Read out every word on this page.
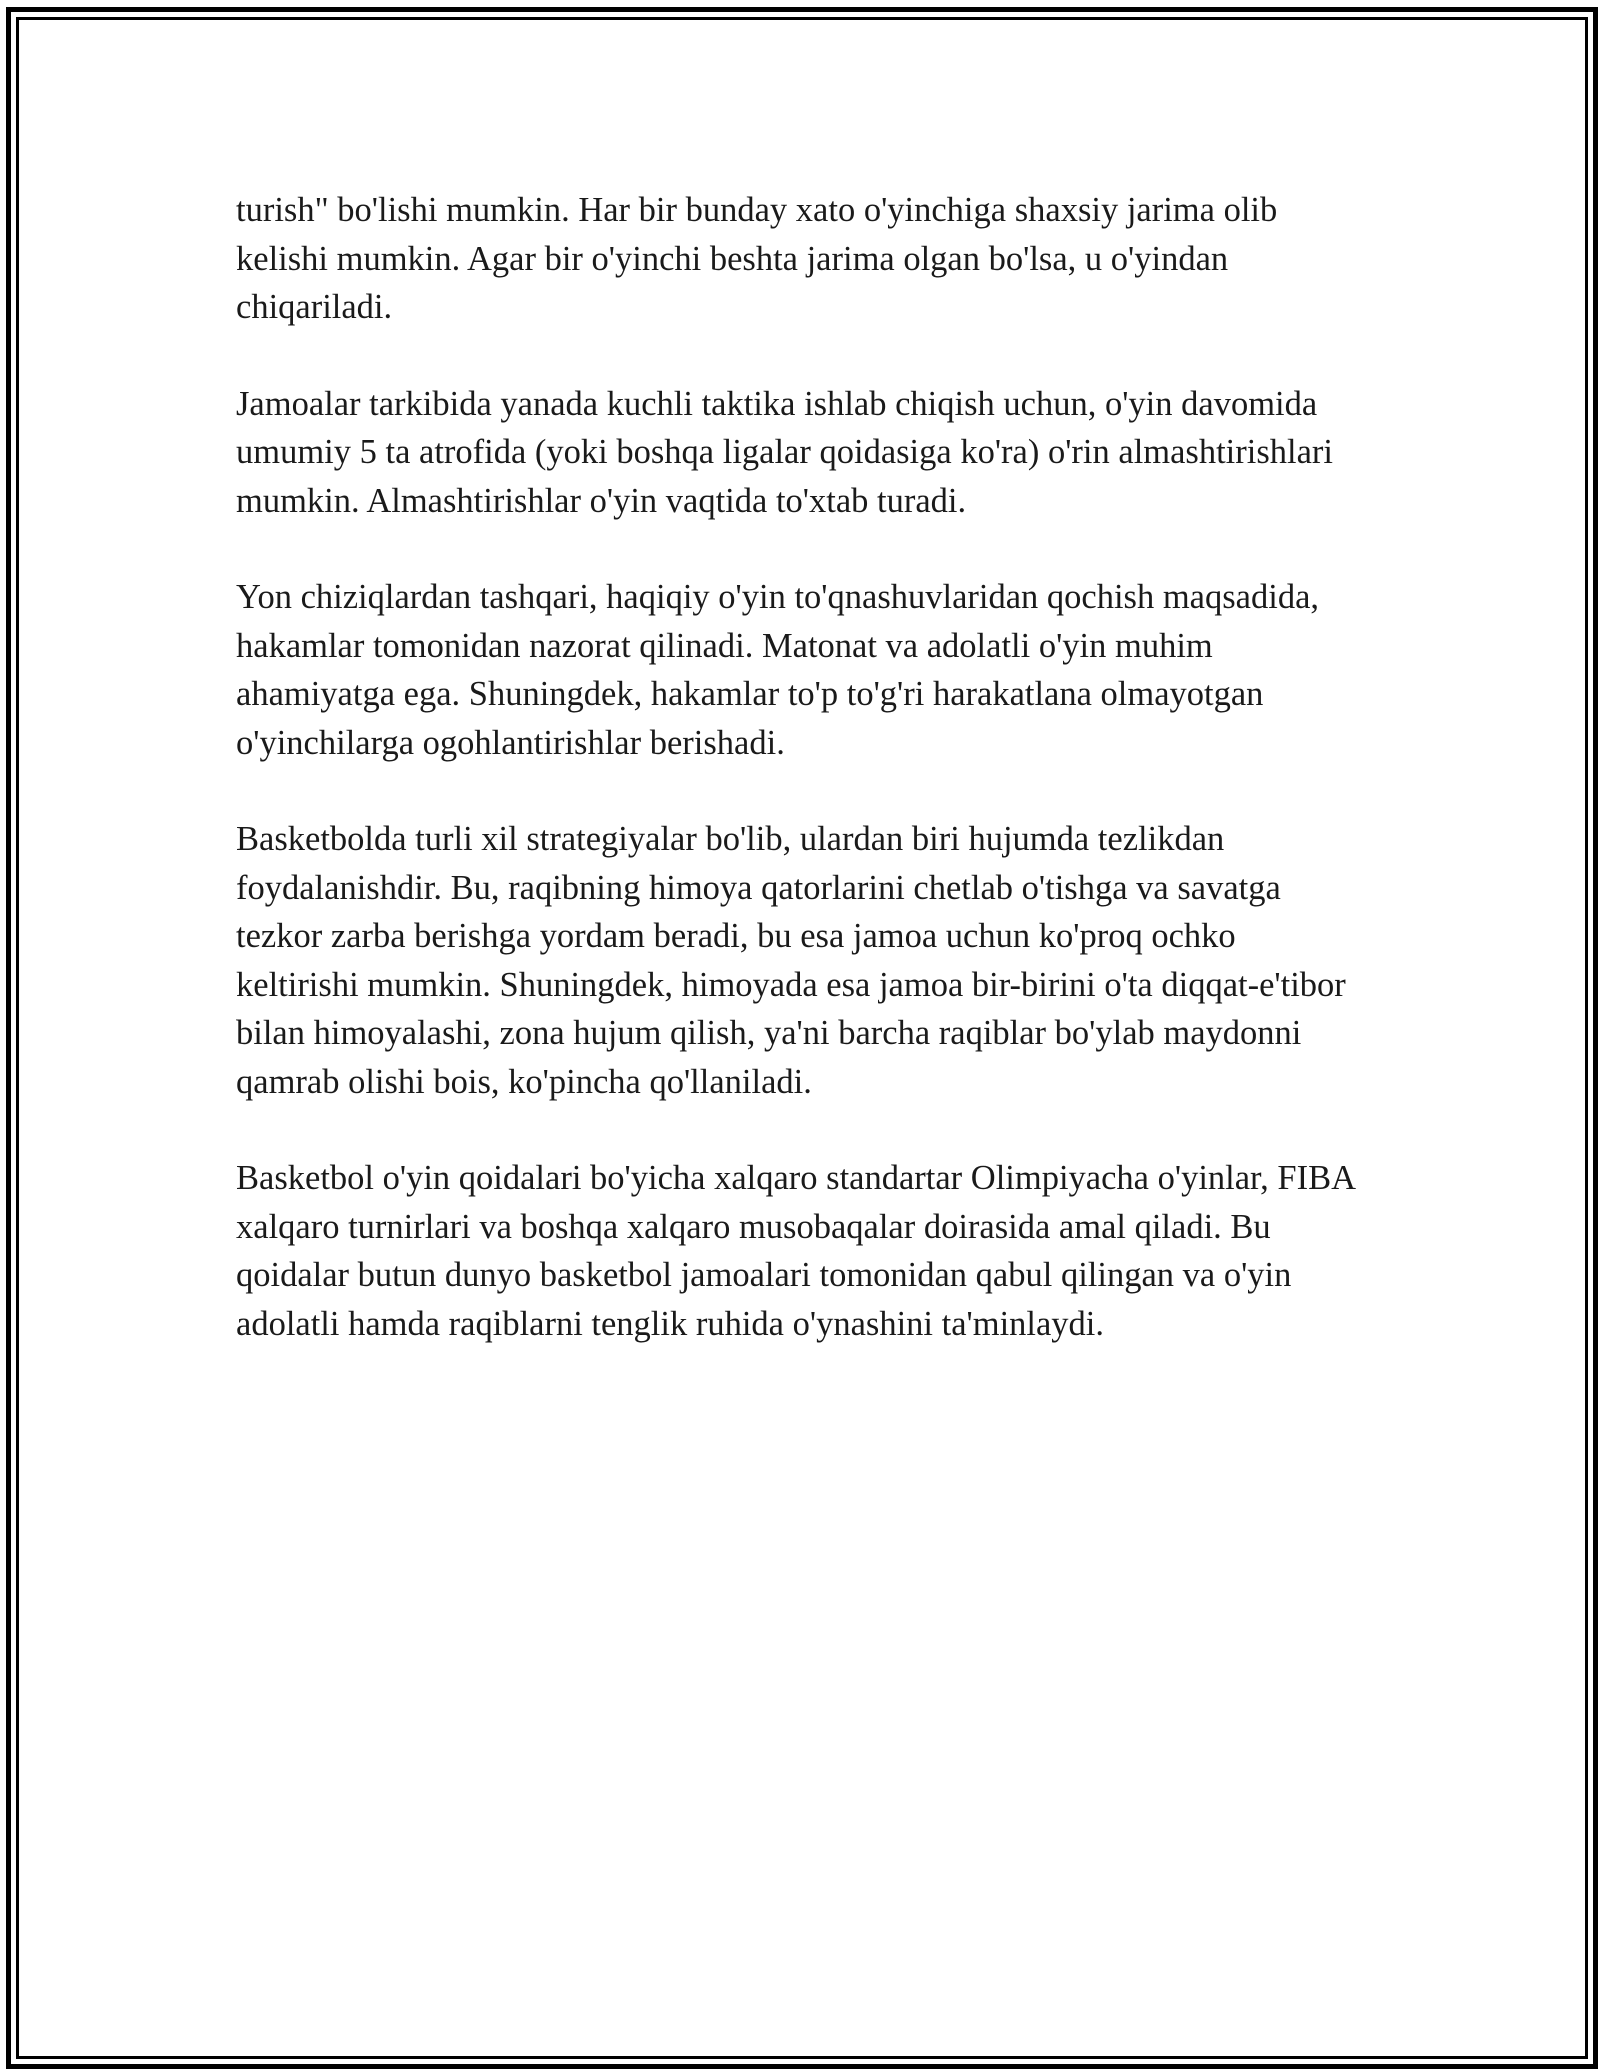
turish" bo'lishi mumkin. Har bir bunday xato o'yinchiga shaxsiy jarima olib kelishi mumkin. Agar bir o'yinchi beshta jarima olgan bo'lsa, u o'yindan chiqariladi.

Jamoalar tarkibida yanada kuchli taktika ishlab chiqish uchun, o'yin davomida umumiy 5 ta atrofida (yoki boshqa ligalar qoidasiga ko'ra) o'rin almashtirishlari mumkin. Almashtirishlar o'yin vaqtida to'xtab turadi.

Yon chiziqlardan tashqari, haqiqiy o'yin to'qnashuvlaridan qochish maqsadida, hakamlar tomonidan nazorat qilinadi. Matonat va adolatli o'yin muhim ahamiyatga ega. Shuningdek, hakamlar to'p to'g'ri harakatlana olmayotgan o'yinchilarga ogohlantirishlar berishadi.

Basketbolda turli xil strategiyalar bo'lib, ulardan biri hujumda tezlikdan foydalanishdir. Bu, raqibning himoya qatorlarini chetlab o'tishga va savatga tezkor zarba berishga yordam beradi, bu esa jamoa uchun ko'proq ochko keltirishi mumkin. Shuningdek, himoyada esa jamoa bir-birini o'ta diqqat-e'tibor bilan himoyalashi, zona hujum qilish, ya'ni barcha raqiblar bo'ylab maydonni qamrab olishi bois, ko'pincha qo'llaniladi.

Basketbol o'yin qoidalari bo'yicha xalqaro standartar Olimpiyacha o'yinlar, FIBA xalqaro turnirlari va boshqa xalqaro musobaqalar doirasida amal qiladi. Bu qoidalar butun dunyo basketbol jamoalari tomonidan qabul qilingan va o'yin adolatli hamda raqiblarni tenglik ruhida o'ynashini ta'minlaydi.
